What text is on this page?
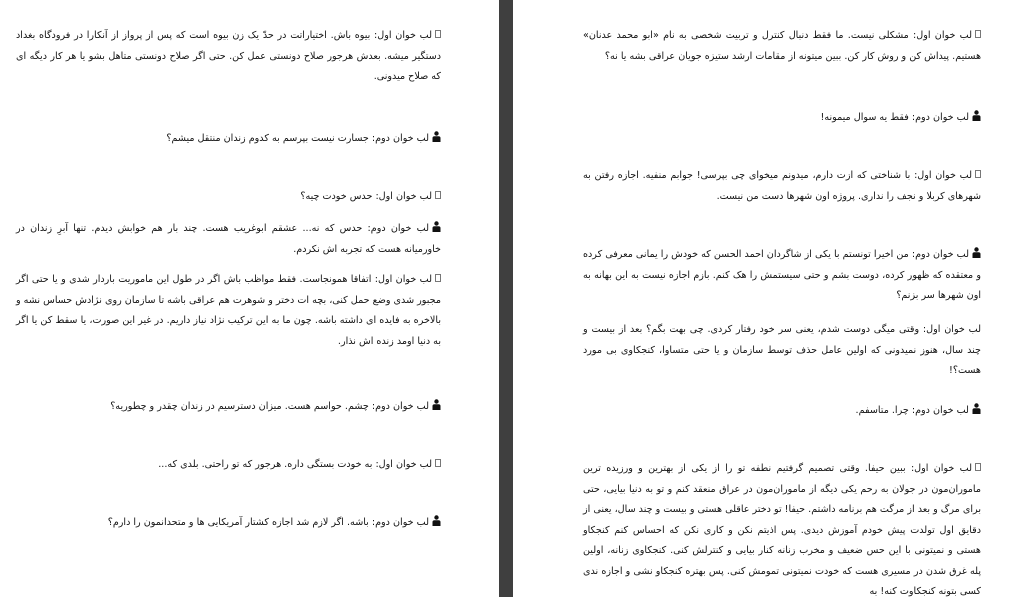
لب خوان اول: بیوه باش. اختیاراتت در حدّ یک زن بیوه است که پس از پرواز از آنکارا در فرودگاه بغداد دستگیر میشه. بعدش هرجور صلاح دونستی عمل کن. حتی اگر صلاح دونستی متاهل بشو یا هر کار دیگه ای که صلاح میدونی.

لب خوان دوم: جسارت نیست بپرسم به کدوم زندان منتقل میشم؟

لب خوان اول: حدس خودت چیه؟

لب خوان دوم: حدس که نه... عشقم ابوغریب هست. چند بار هم خوابش دیدم. تنها آبرِ زندان در خاورمیانه هست که تجربه اش نکردم.

لب خوان اول: اتفاقا همونجاست. فقط مواظب باش اگر در طول این ماموریت باردار شدی و یا حتی اگر مجبور شدی وضع حمل کنی، بچه ات دختر و شوهرت هم عراقی باشه تا سازمان روی نژادش حساس نشه و بالاخره به فایده ای داشته باشه. چون ما به این ترکیب نژاد نیاز داریم. در غیر این صورت، یا سقط کن یا اگر به دنیا اومد زنده اش نذار.

لب خوان دوم: چشم. حواسم هست. میزان دسترسیم در زندان چقدر و چطوریه؟

لب خوان اول: به خودت بستگی داره. هرجور که تو راحتی. بلدی که...

لب خوان دوم: باشه. اگر لازم شد اجازه کشتار آمریکایی ها و متحدانمون را دارم؟

لب خوان اول: مشکلی نیست. ما فقط دنبال کنترل و تربیت شخصی به نام «ابو محمد عدنان» هستیم. پیداش کن و روش کار کن. ببین میتونه از مقامات ارشد ستیزه جویان عراقی بشه یا نه؟

لب خوان دوم: فقط یه سوال میمونه!

لب خوان اول: با شناختی که ازت دارم، میدونم میخوای چی بپرسی! جوابم منفیه. اجازه رفتن به شهرهای کربلا و نجف را نداری. پروژه اون شهرها دست من نیست.

لب خوان دوم: من اخیرا تونستم با یکی از شاگردان احمد الحسن که خودش را یمانی معرفی کرده و معتقده که ظهور کرده، دوست بشم و حتی سیستمش را هک کنم. بازم اجازه نیست به این بهانه به اون شهرها سر بزنم؟

لب خوان اول: وقتی میگی دوست شدم، یعنی سر خود رفتار کردی. چی بهت بگم؟ بعد از بیست و چند سال، هنوز نمیدونی که اولین عامل حذف توسط سازمان و یا حتی متساوا، کنجکاوی بی مورد هست؟!

لب خوان دوم: چرا. متاسفم.

لب خوان اول: ببین حیفا. وقتی تصمیم گرفتیم نطفه تو را از یکی از بهترین و ورزیده ترین ماموران‌مون در جولان به رحم یکی دیگه از ماموران‌مون در عراق منعقد کنم و تو به دنیا بیایی، حتی برای مرگ و بعد از مرگت هم برنامه داشتم. حیفا! تو دختر عاقلی هستی و بیست و چند سال، یعنی از دقایق اول تولدت پیش خودم آموزش دیدی. پس اذیتم نکن و کاری نکن که احساس کنم کنجکاو هستی و نمیتونی با این حس ضعیف و مخرب زنانه کنار بیایی و کنترلش کنی. کنجکاوی زنانه، اولین پله غرق شدن در مسیری هست که خودت نمیتونی تمومش کنی. پس بهتره کنجکاو نشی و اجازه ندی کسی بتونه کنجکاوت کنه! به
